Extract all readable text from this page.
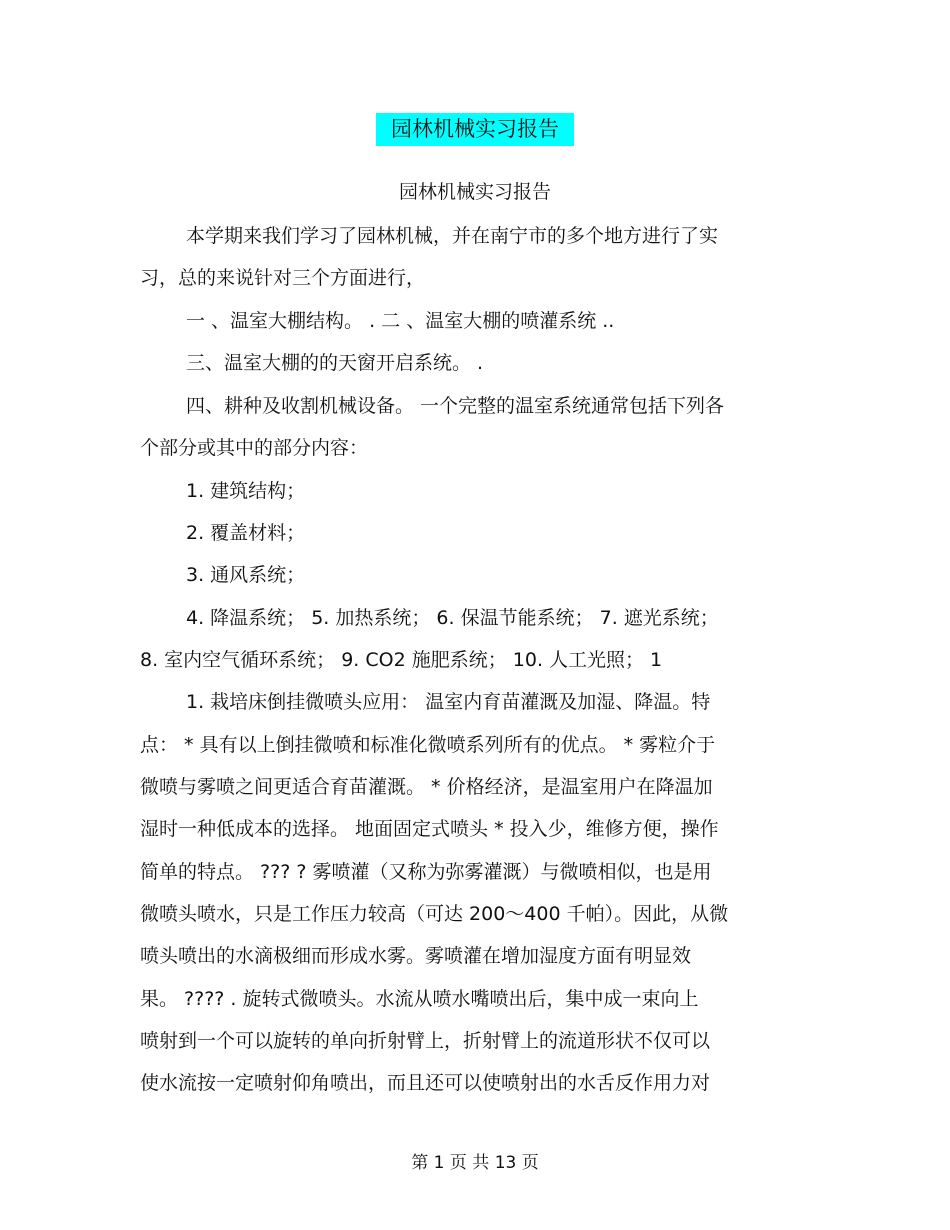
园林机械实习报告
园林机械实习报告

本学期来我们学习了园林机械，并在南宁市的多个地方进行了实

习，总的来说针对三个方面进行，

一 、温室大棚结构。 . 二 、温室大棚的喷灌系统 ..

三、温室大棚的的天窗开启系统。 .

四、耕种及收割机械设备。 一个完整的温室系统通常包括下列各

个部分或其中的部分内容：

1. 建筑结构；

2. 覆盖材料；

3. 通风系统；

4. 降温系统； 5. 加热系统； 6. 保温节能系统； 7. 遮光系统；

8. 室内空气循环系统； 9. CO2 施肥系统； 10. 人工光照； 1

1. 栽培床倒挂微喷头应用： 温室内育苗灌溉及加湿、降温。特

点： * 具有以上倒挂微喷和标准化微喷系列所有的优点。 * 雾粒介于

微喷与雾喷之间更适合育苗灌溉。 * 价格经济，是温室用户在降温加

湿时一种低成本的选择。 地面固定式喷头 * 投入少，维修方便，操作

简单的特点。 ??? ? 雾喷灌（又称为弥雾灌溉）与微喷相似，也是用

微喷头喷水，只是工作压力较高（可达 200～400 千帕）。因此，从微

喷头喷出的水滴极细而形成水雾。雾喷灌在增加湿度方面有明显效

果。 ???? . 旋转式微喷头。水流从喷水嘴喷出后，集中成一束向上

喷射到一个可以旋转的单向折射臂上，折射臂上的流道形状不仅可以

使水流按一定喷射仰角喷出，而且还可以使喷射出的水舌反作用力对

第 1 页 共 13 页
